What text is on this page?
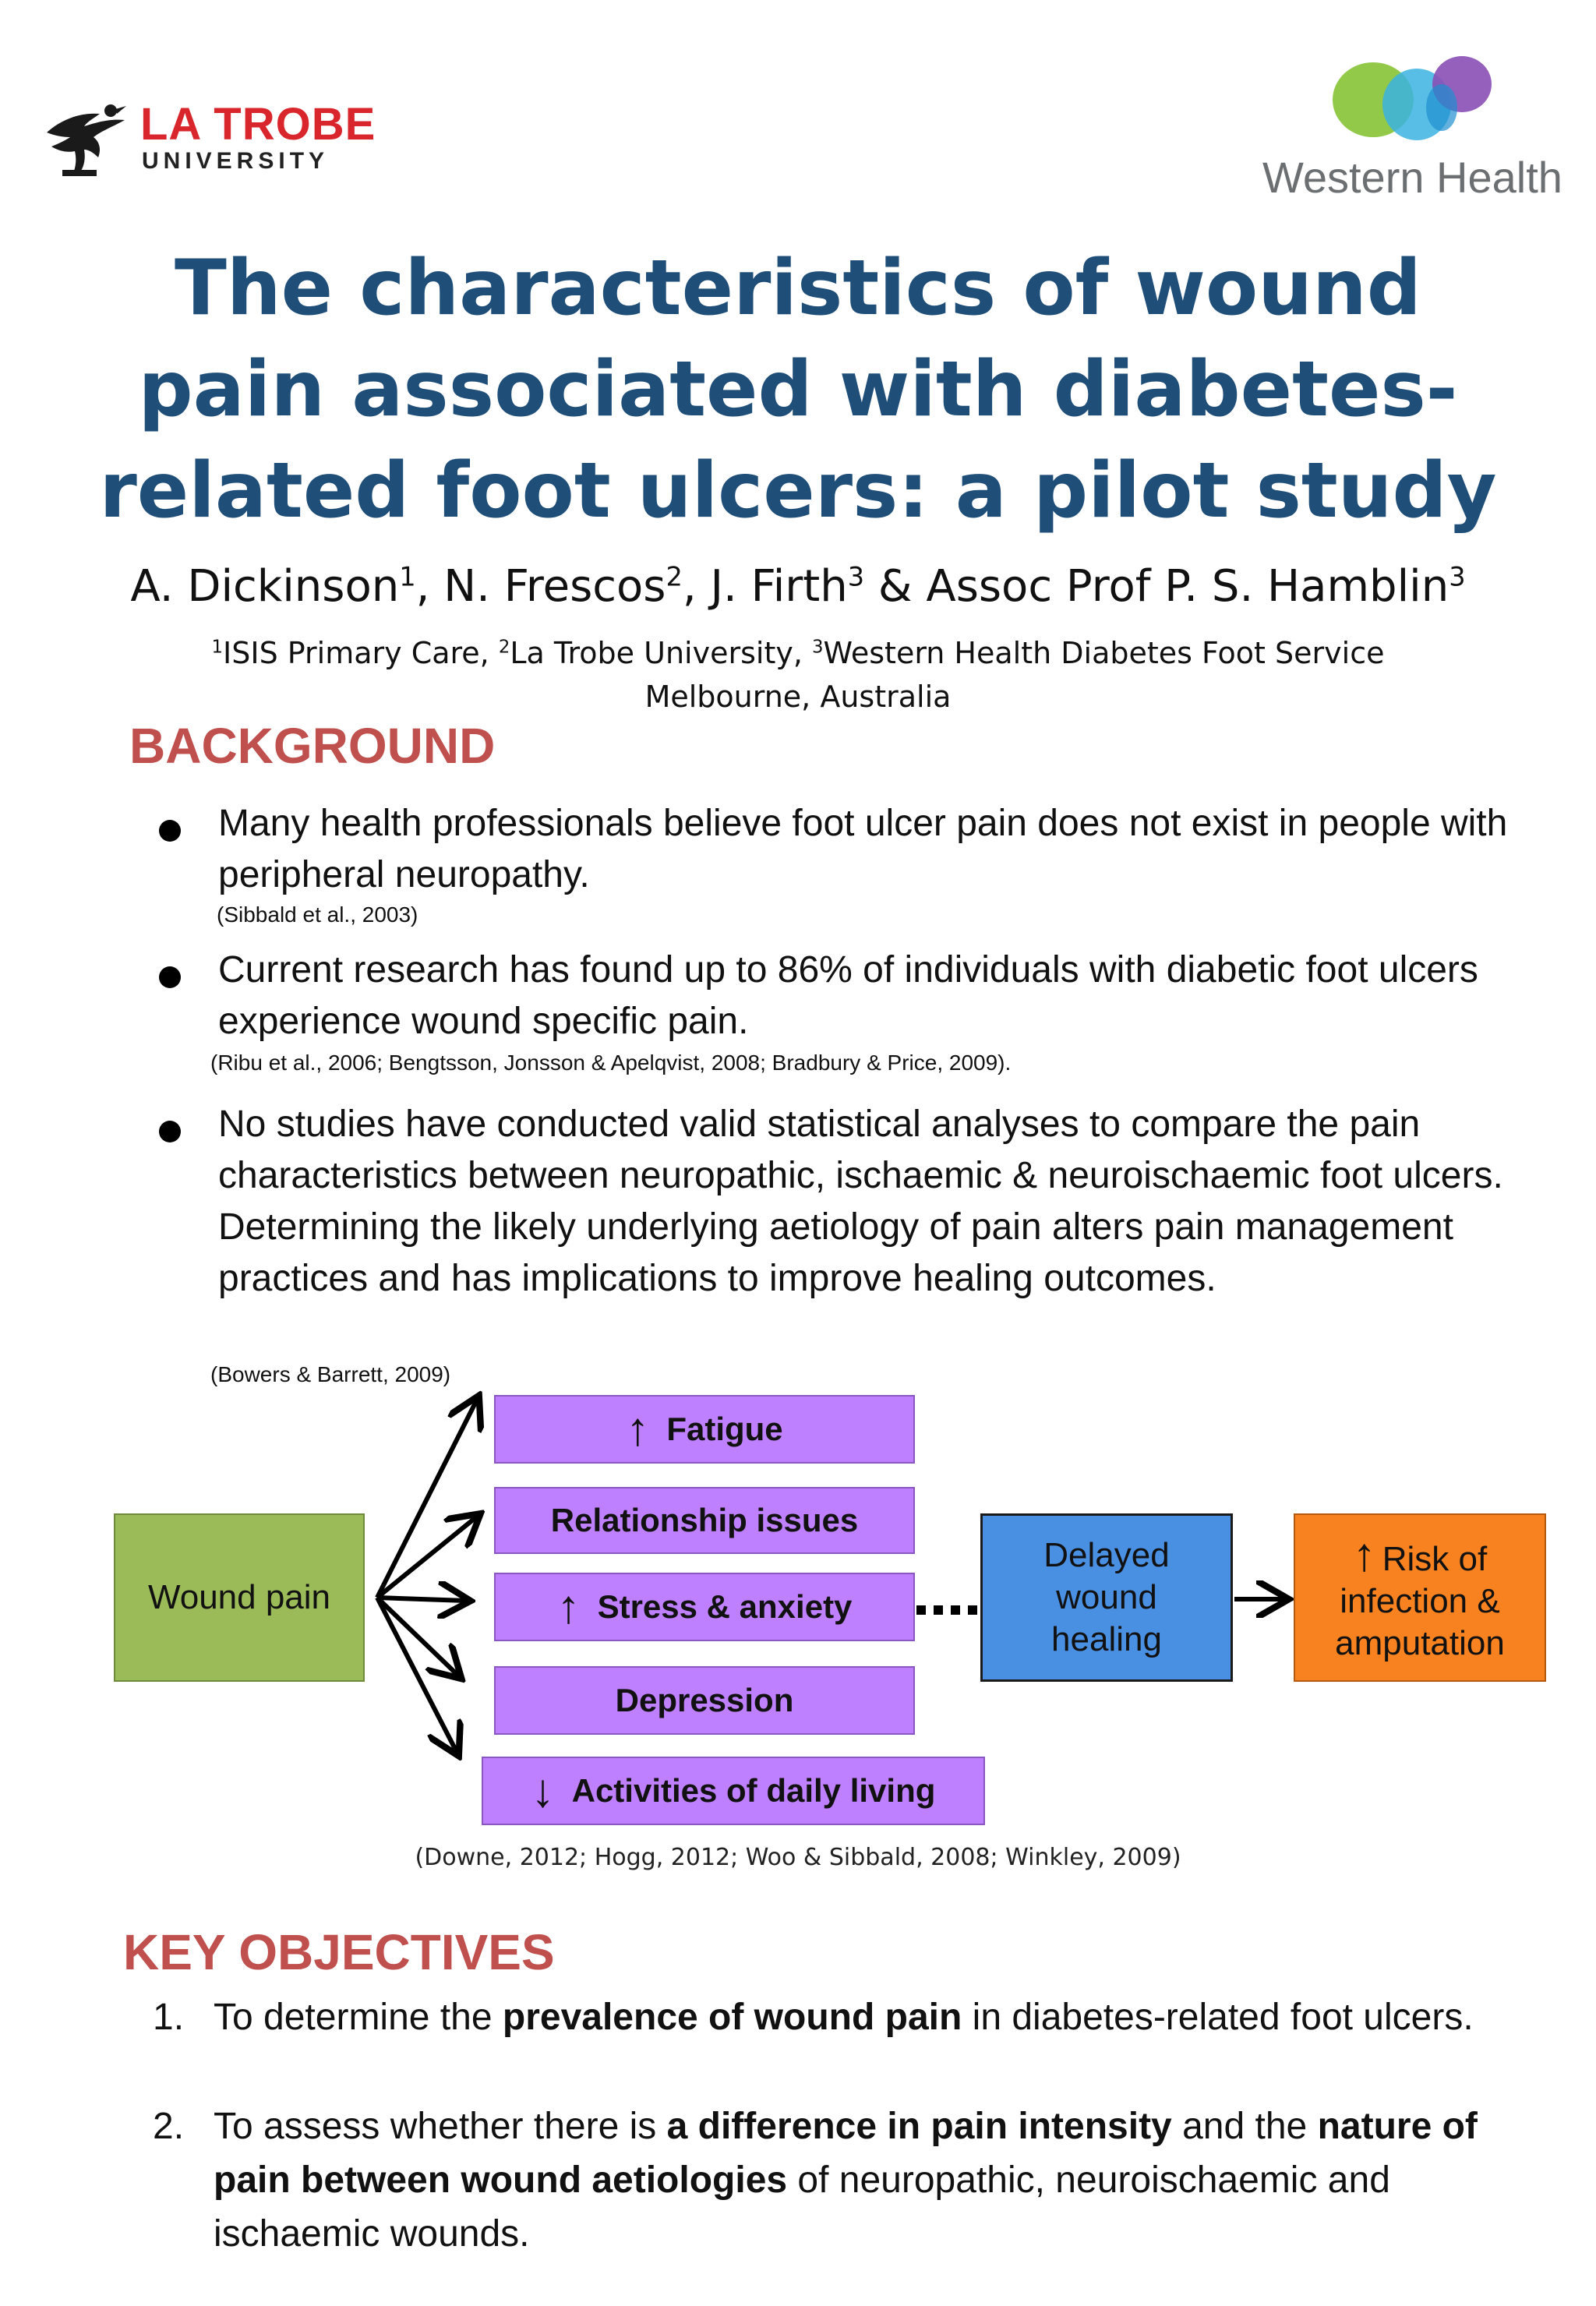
LA TROBE
UNIVERSITY	Western Health
The characteristics of wound pain associated with diabetes-related foot ulcers: a pilot study
A. Dickinson$^1$, N. Frescos$^2$, J. Firth$^3$ & Assoc Prof P. S. Hamblin$^3$
$^1$ISIS Primary Care, $^2$La Trobe University, $^3$Western Health Diabetes Foot Service
Melbourne, Australia
BACKGROUND
Many health professionals believe foot ulcer pain does not exist in people with peripheral neuropathy.
(Sibbald et al., 2003)
Current research has found up to 86% of individuals with diabetic foot ulcers experience wound specific pain.
(Ribu et al., 2006; Bengtsson, Jonsson & Apelqvist, 2008; Bradbury & Price, 2009).
No studies have conducted valid statistical analyses to compare the pain characteristics between neuropathic, ischaemic & neuroischaemic foot ulcers. Determining the likely underlying aetiology of pain alters pain management practices and has implications to improve healing outcomes.
(Bowers & Barrett, 2009)
Wound pain
↑ Fatigue
Relationship issues
↑ Stress & anxiety
Depression
↓ Activities of daily living
Delayed
wound
healing
↑ Risk of
infection &
amputation
(Downe, 2012; Hogg, 2012; Woo & Sibbald, 2008; Winkley, 2009)
KEY OBJECTIVES
1. To determine the prevalence of wound pain in diabetes-related foot ulcers.
2. To assess whether there is a difference in pain intensity and the nature of pain between wound aetiologies of neuropathic, neuroischaemic and ischaemic wounds.
